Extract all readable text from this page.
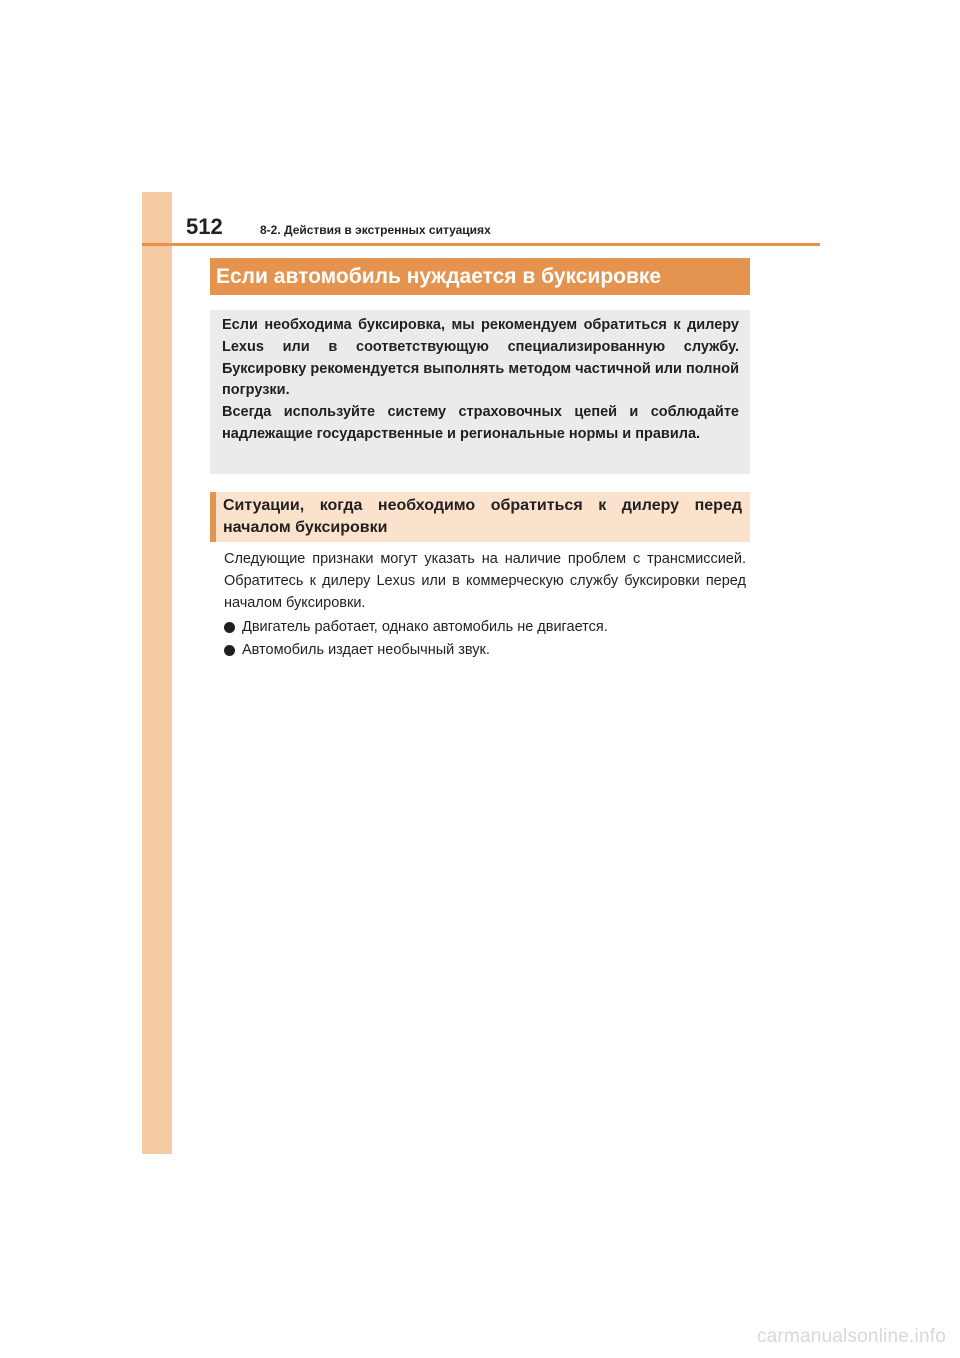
512	8-2. Действия в экстренных ситуациях
Если автомобиль нуждается в буксировке

Если необходима буксировка, мы рекомендуем обратиться к дилеру Lexus или в соответствующую специализированную службу. Буксировку рекомендуется выполнять методом частичной или полной погрузки.

Всегда используйте систему страховочных цепей и соблюдайте надлежащие государственные и региональные нормы и правила.

Ситуации, когда необходимо обратиться к дилеру перед началом буксировки

Следующие признаки могут указать на наличие проблем с трансмиссией. Обратитесь к дилеру Lexus или в коммерческую службу буксировки перед началом буксировки.

Двигатель работает, однако автомобиль не двигается.
Автомобиль издает необычный звук.
carmanualsonline.info
